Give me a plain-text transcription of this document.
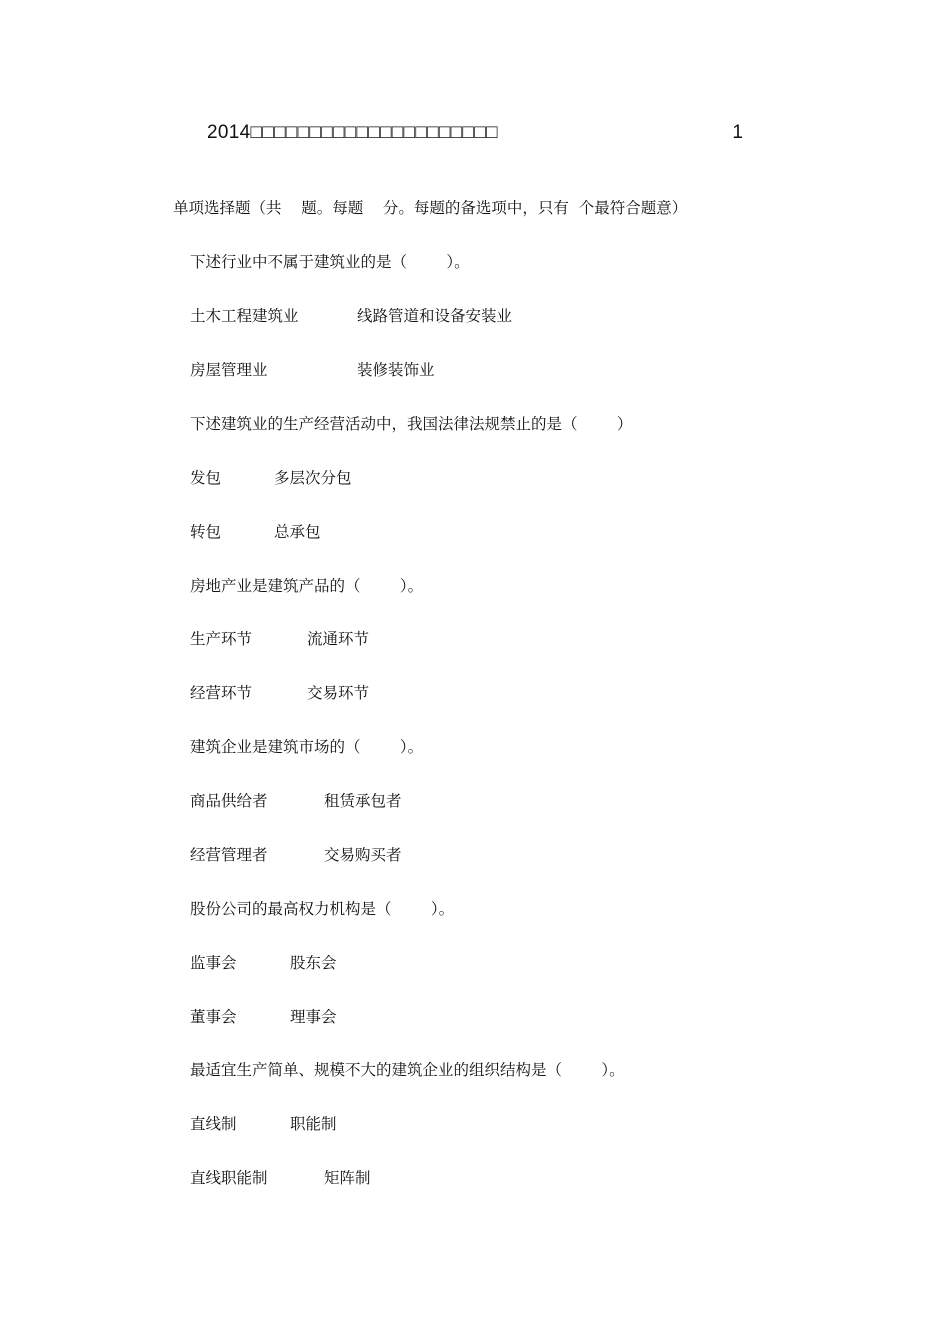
2014□□□□□□□□□□□□□□□□□□□□□	1
单项选择题（共    题。每题    分。每题的备选项中，只有  个最符合题意）
下述行业中不属于建筑业的是（        ）。
土木工程建筑业	线路管道和设备安装业
房屋管理业	装修装饰业
下述建筑业的生产经营活动中，我国法律法规禁止的是（        ）
发包	多层次分包
转包	总承包
房地产业是建筑产品的（        ）。
生产环节	流通环节
经营环节	交易环节
建筑企业是建筑市场的（        ）。
商品供给者	租赁承包者
经营管理者	交易购买者
股份公司的最高权力机构是（        ）。
监事会	股东会
董事会	理事会
最适宜生产简单、规模不大的建筑企业的组织结构是（        ）。
直线制	职能制
直线职能制	矩阵制
